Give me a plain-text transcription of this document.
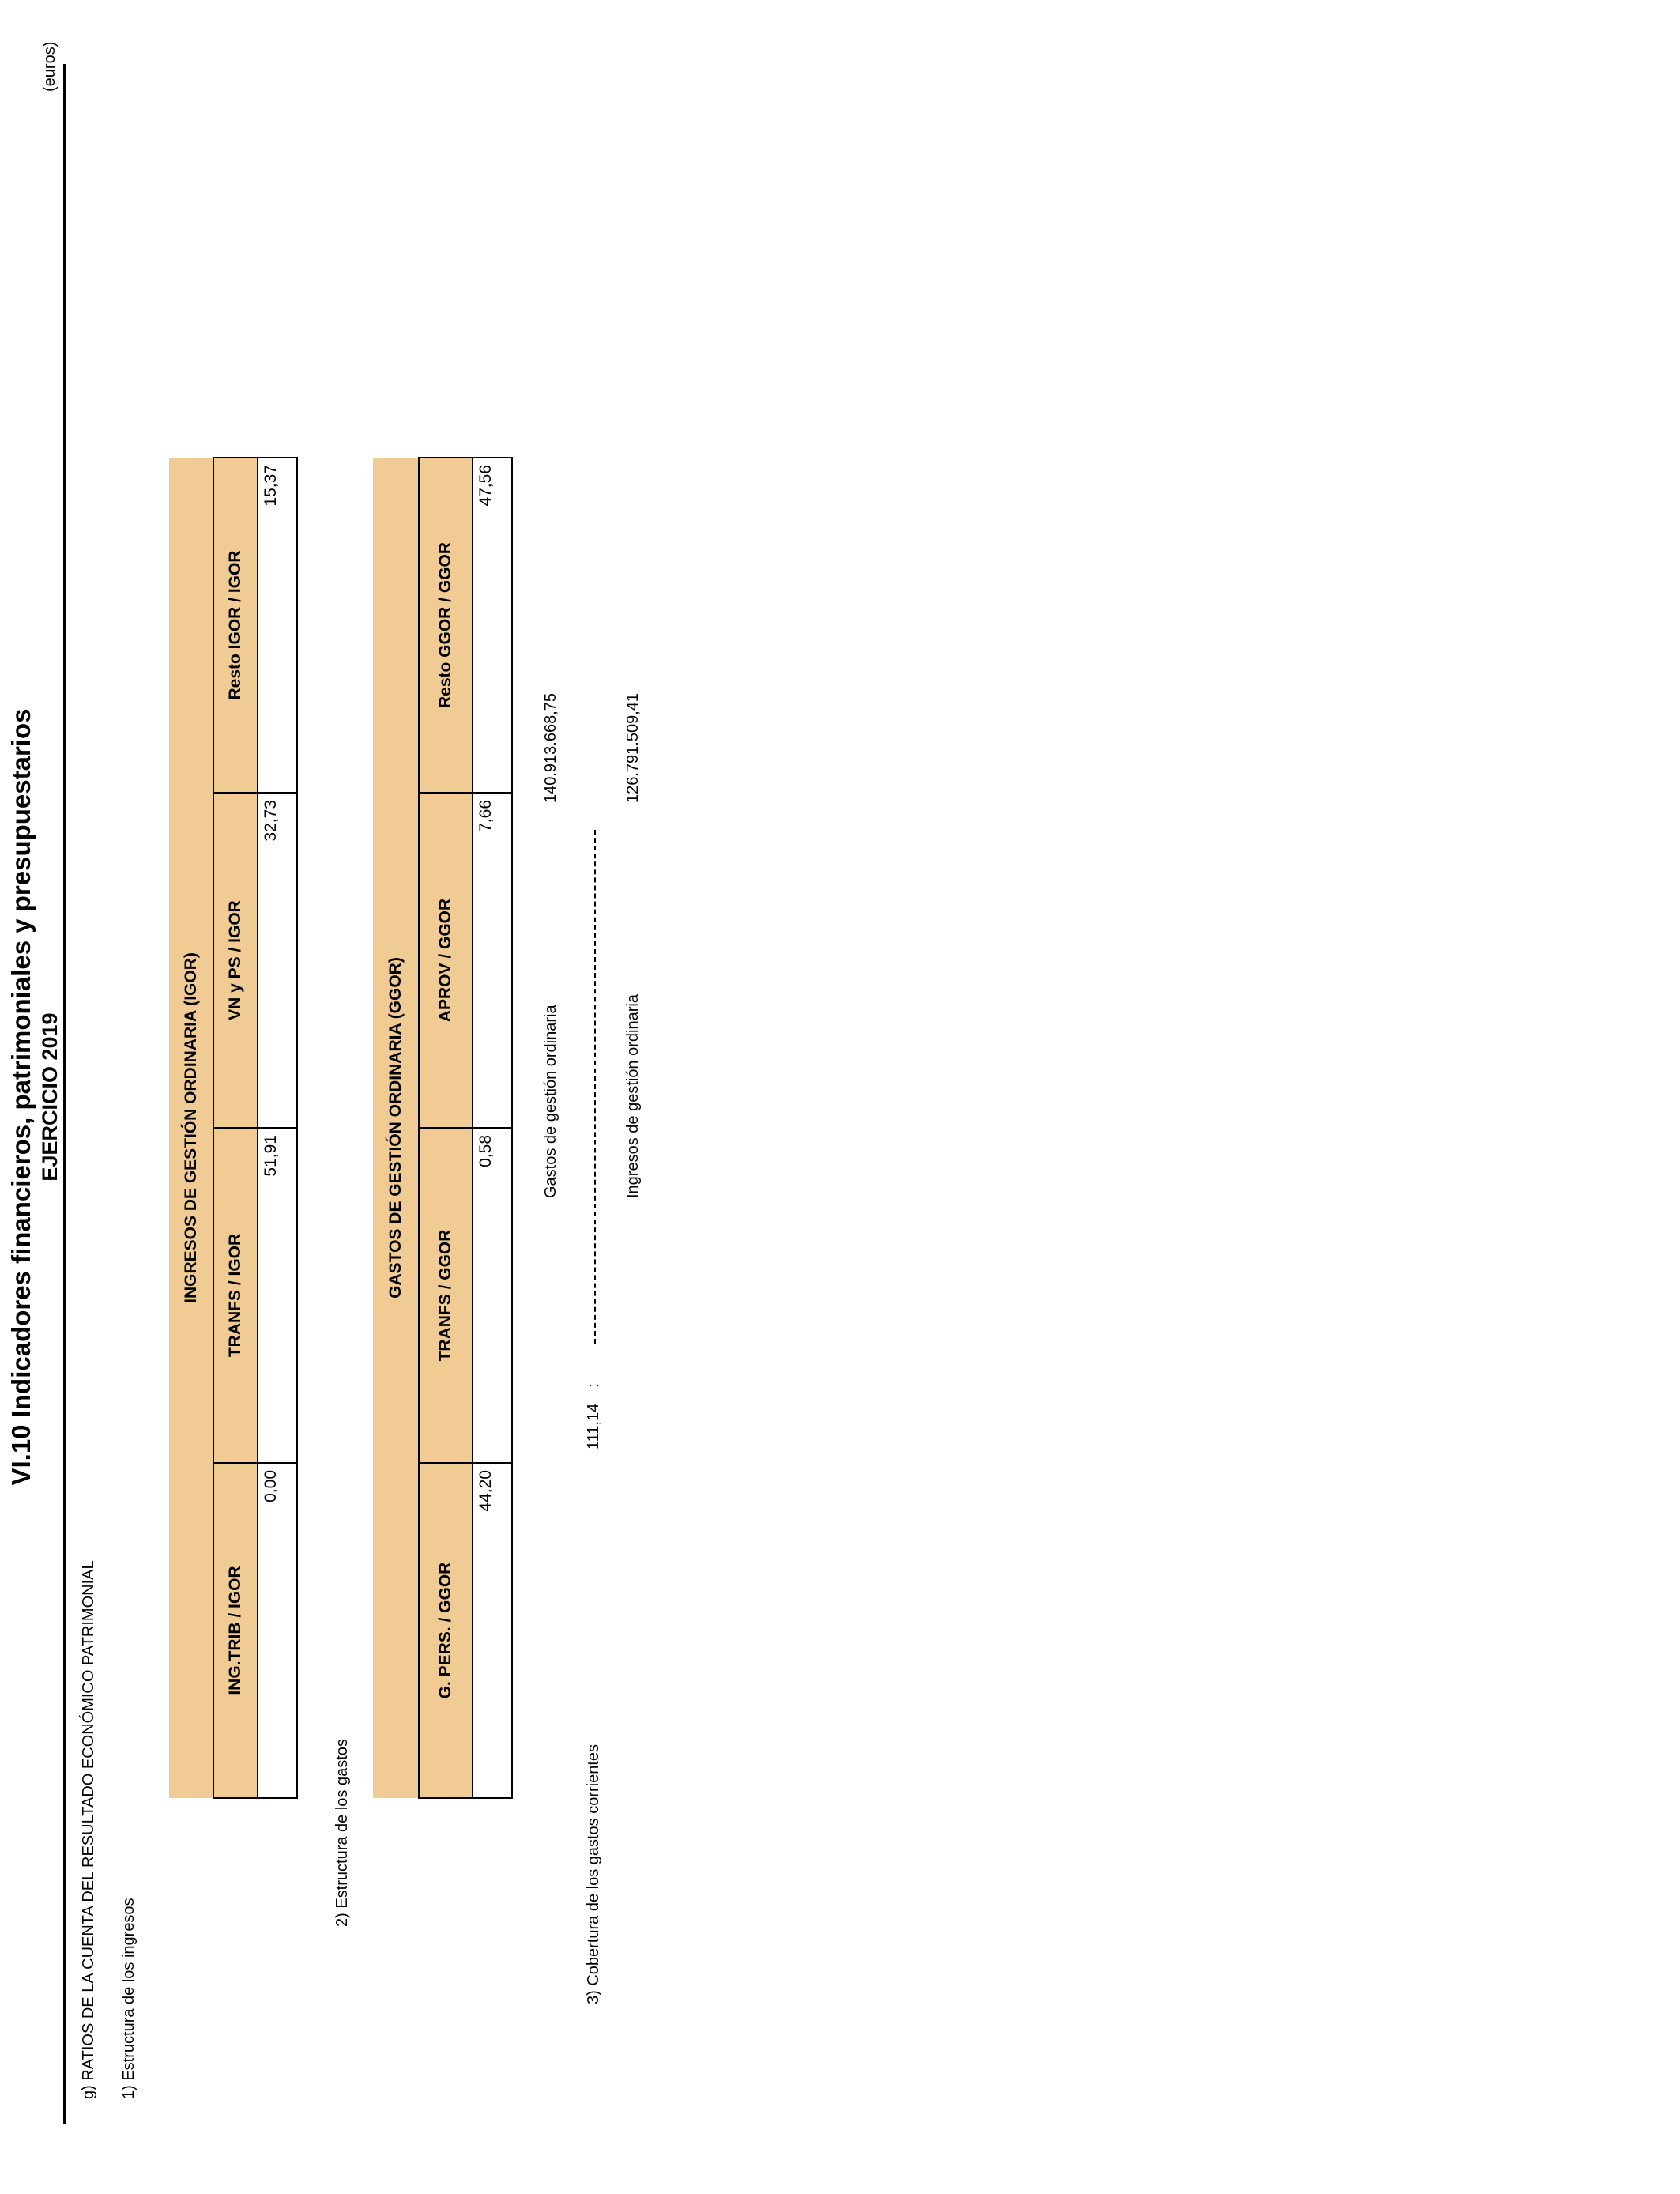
VI.10 Indicadores financieros, patrimoniales y presupuestarios EJERCICIO 2019
(euros)
g) RATIOS DE LA CUENTA DEL RESULTADO ECONÓMICO PATRIMONIAL 1) Estructura de los ingresos
INGRESOS DE GESTIÓN ORDINARIA (IGOR)			
ING.TRIB / IGOR	TRANFS / IGOR	VN y PS / IGOR	Resto IGOR / IGOR
0,00	51,91	32,73	15,37
2) Estructura de los gastos
GASTOS DE GESTIÓN ORDINARIA (GGOR)			
G. PERS. / GGOR	TRANFS / GGOR	APROV / GGOR	Resto GGOR / GGOR
44,20	0,58	7,66	47,56
3) Cobertura de los gastos corrientes
111,14
:
Gastos de gestión ordinaria
140.913.668,75
Ingresos de gestión ordinaria
126.791.509,41
